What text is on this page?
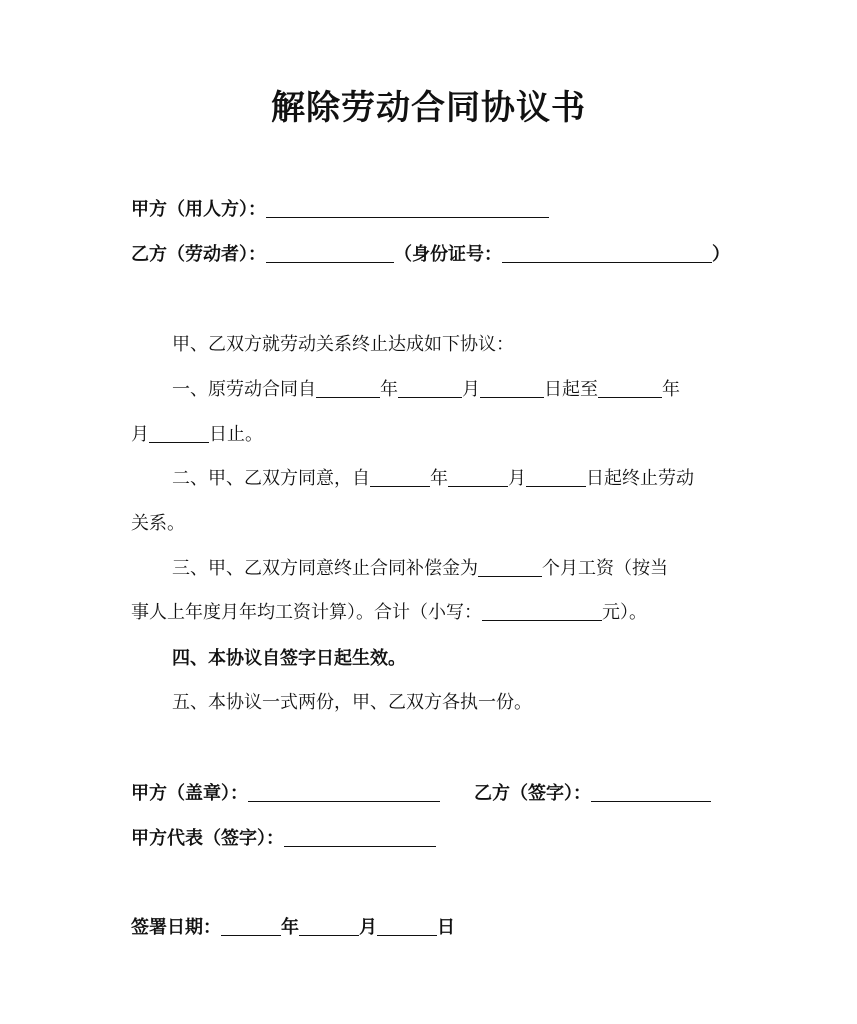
解除劳动合同协议书
甲方（用人方）：
乙方（劳动者）：	（身份证号：	）
甲、乙双方就劳动关系终止达成如下协议：
一、原劳动合同自	年	月	日起至	年
月	日止。
二、甲、乙双方同意，自	年	月	日起终止劳动
关系。
三、甲、乙双方同意终止合同补偿金为	个月工资（按当
事人上年度月年均工资计算）。合计（小写：	元）。
四、本协议自签字日起生效。
五、本协议一式两份，甲、乙双方各执一份。
甲方（盖章）：	乙方（签字）：
甲方代表（签字）：
签署日期：	年	月	日
